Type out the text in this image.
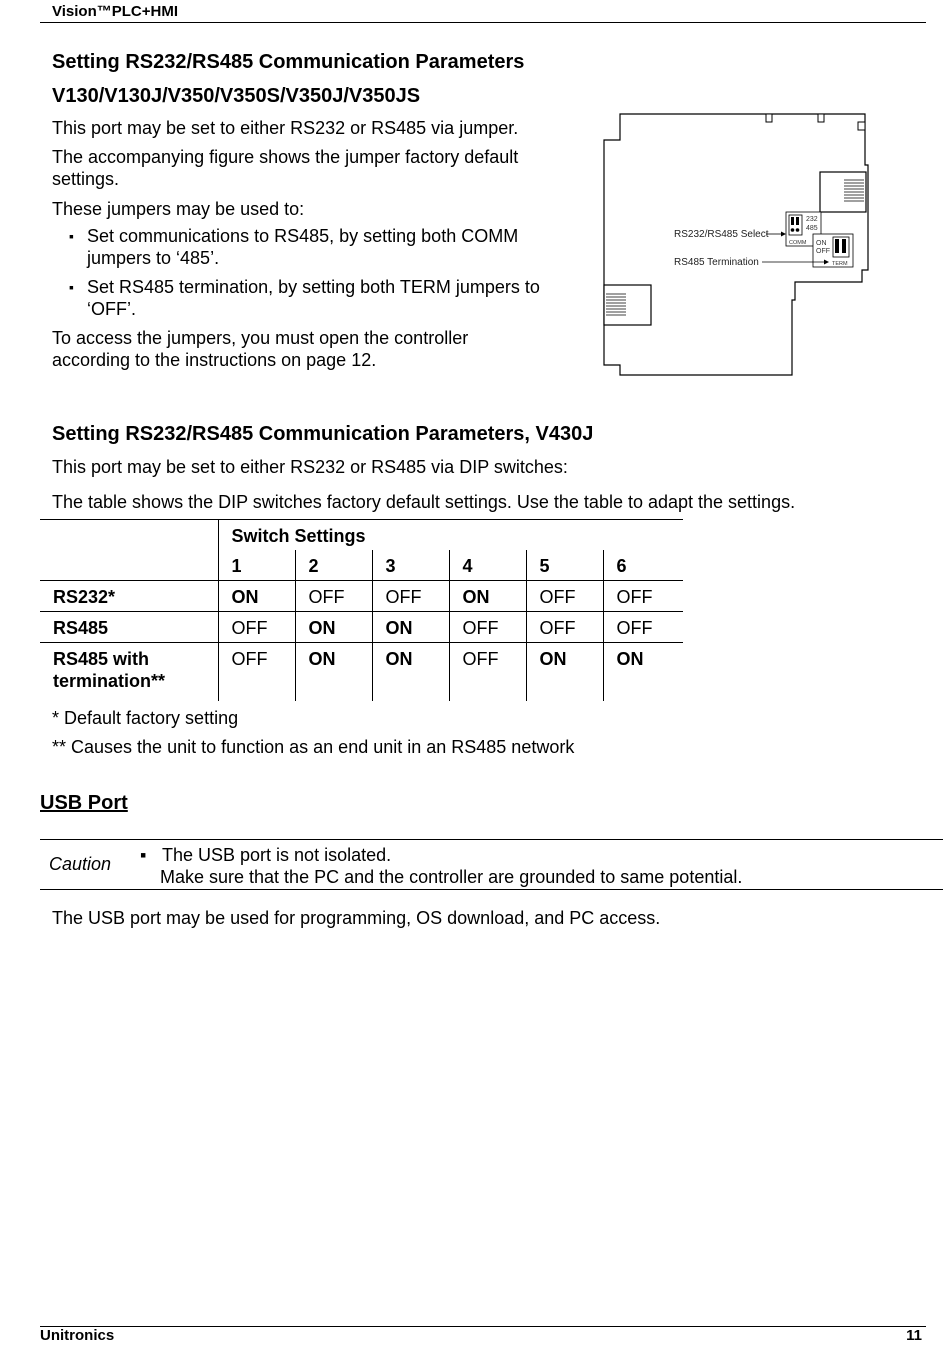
Vision™PLC+HMI
Setting RS232/RS485 Communication Parameters
V130/V130J/V350/V350S/V350J/V350JS
This port may be set to either RS232 or RS485 via jumper.
The accompanying figure shows the jumper factory default settings.
These jumpers may be used to:
▪ Set communications to RS485, by setting both COMM jumpers to ‘485’.
▪ Set RS485 termination, by setting both TERM jumpers to ‘OFF’.
To access the jumpers, you must open the controller according to the instructions on page 12.
232
485
COMM ON
OFF
TERM
RS232/RS485 Select
RS485 Termination
Setting RS232/RS485 Communication Parameters, V430J
This port may be set to either RS232 or RS485 via DIP switches:
The table shows the DIP switches factory default settings. Use the table to adapt the settings.
	Switch Settings					
	1	2	3	4	5	6
RS232*	ON	OFF	OFF	ON	OFF	OFF
RS485	OFF	ON	ON	OFF	OFF	OFF
RS485 with termination**	OFF	ON	ON	OFF	ON	ON
* Default factory setting
** Causes the unit to function as an end unit in an RS485 network
USB Port
Caution ▪ The USB port is not isolated.
Make sure that the PC and the controller are grounded to same potential.
The USB port may be used for programming, OS download, and PC access.
Unitronics	11
